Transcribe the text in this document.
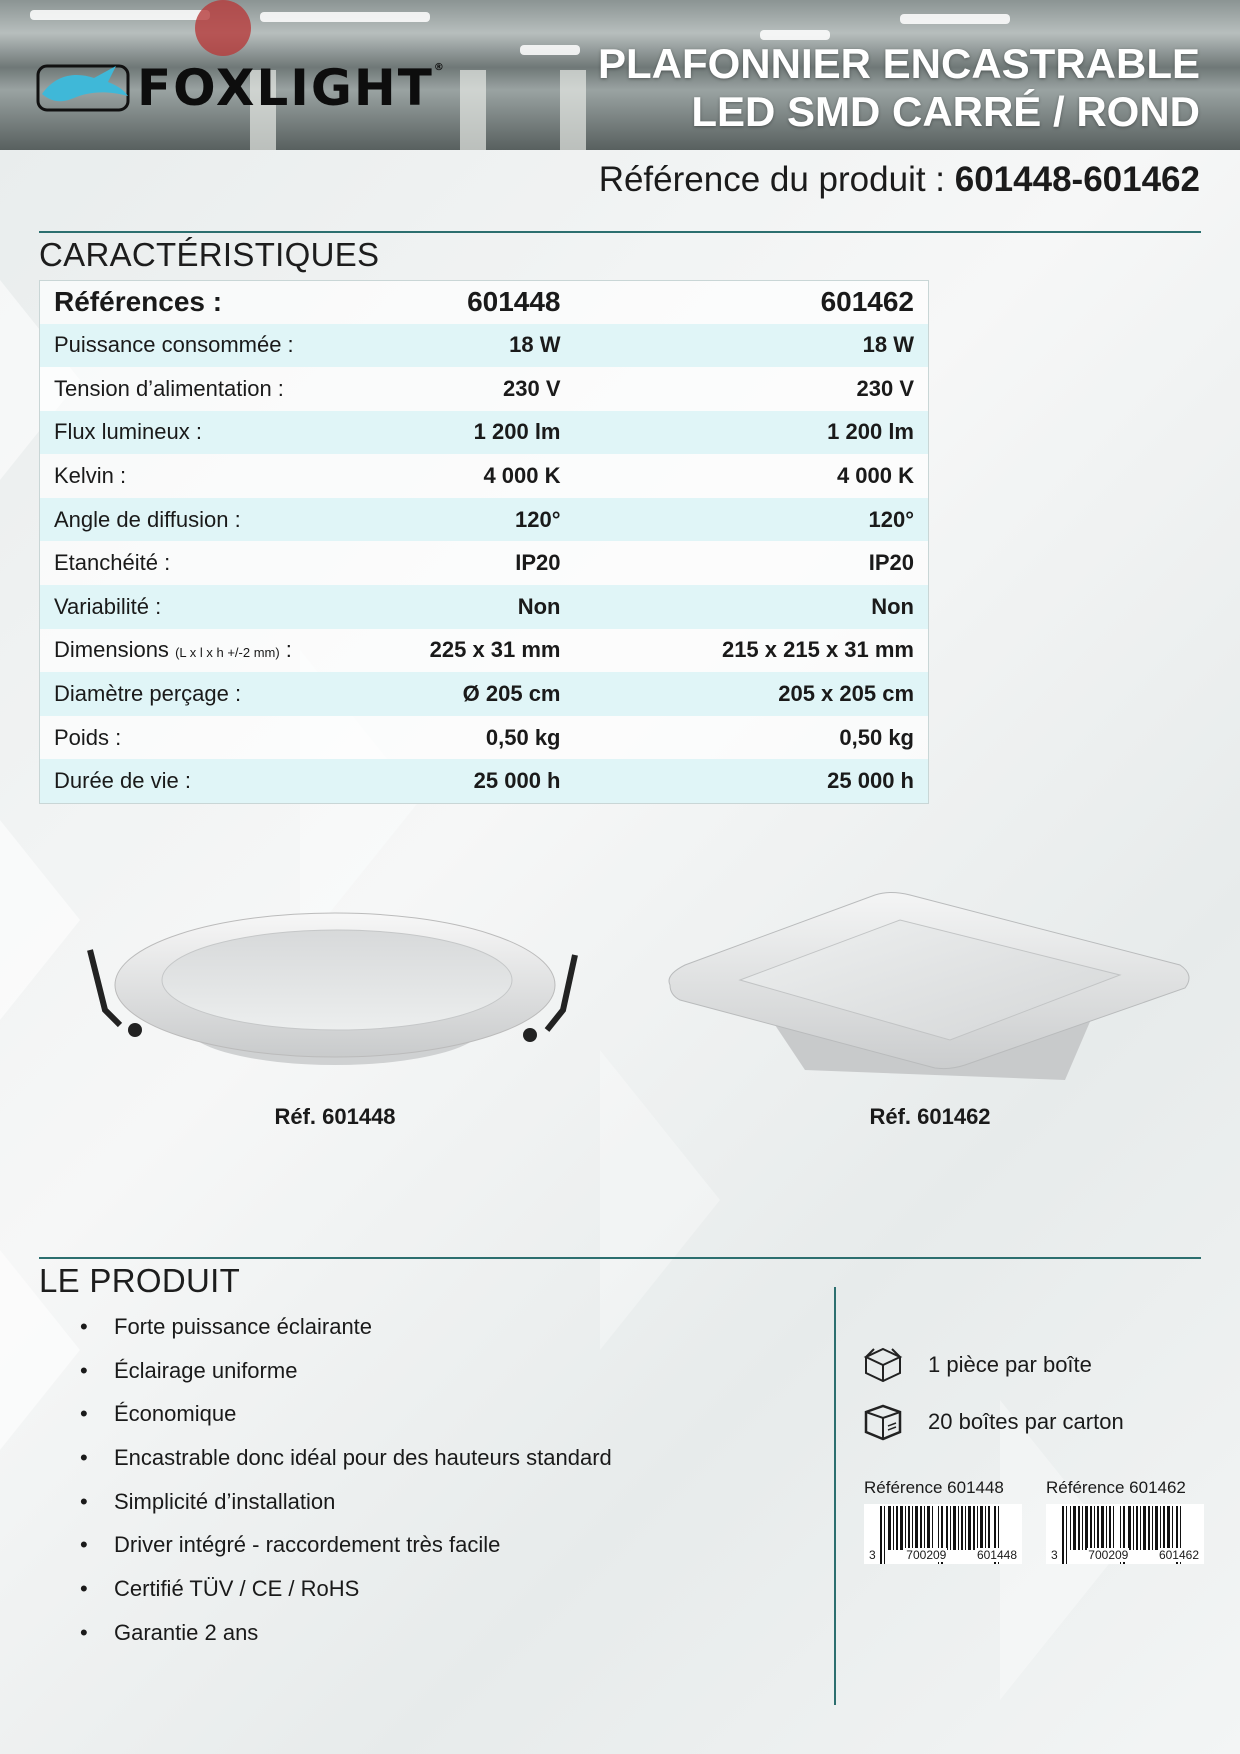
FOXLIGHT®	PLAFONNIER ENCASTRABLE
LED SMD CARRÉ / ROND
Référence du produit : 601448-601462
CARACTÉRISTIQUES
Références :	601448	601462
Puissance consommée :	18 W	18 W
Tension d’alimentation :	230 V	230 V
Flux lumineux :	1 200 lm	1 200 lm
Kelvin :	4 000 K	4 000 K
Angle de diffusion :	120°	120°
Etanchéité :	IP20	IP20
Variabilité :	Non	Non
Dimensions (L x l x h +/-2 mm) :	225 x 31 mm	215 x 215 x 31 mm
Diamètre perçage :	Ø 205 cm	205 x 205 cm
Poids :	0,50 kg	0,50 kg
Durée de vie :	25 000 h	25 000 h
Réf. 601448	Réf. 601462
LE PRODUIT
• Forte puissance éclairante
• Éclairage uniforme
• Économique
• Encastrable donc idéal pour des hauteurs standard
• Simplicité d’installation
• Driver intégré - raccordement très facile
• Certifié TÜV / CE / RoHS
• Garantie 2 ans
1 pièce par boîte
20 boîtes par carton
Référence 601448
3	700209	601448
Référence 601462
3	700209	601462
